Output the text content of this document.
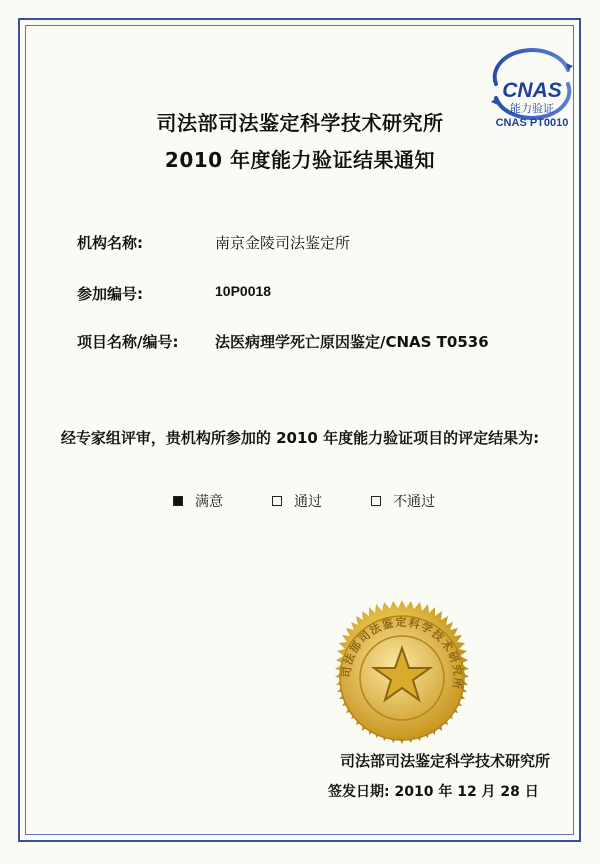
CNAS
能力验证
CNAS PT0010
司法部司法鉴定科学技术研究所
2010 年度能力验证结果通知
机构名称:	南京金陵司法鉴定所
参加编号:	10P0018
项目名称/编号: 法医病理学死亡原因鉴定/CNAS T0536
经专家组评审，贵机构所参加的 2010 年度能力验证项目的评定结果为:
满意	通过	不通过
司法部司法鉴定科学技术研究所
司法部司法鉴定科学技术研究所
签发日期: 2010 年 12 月 28 日
